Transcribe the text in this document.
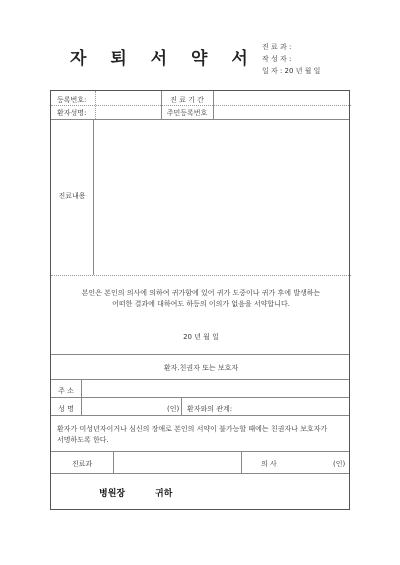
자 퇴 서 약 서
진 료 과 :
작 성 자 :
일 자 : 20 년 월 일
등록번호:	진 료 기 간
환자성명:	주민등록번호
진료내용
본인은 본인의 의사에 의하여 귀가함에 있어 귀가 도중이나 귀가 후에 발생하는
어떠한 결과에 대하여도 하등의 이의가 없음을 서약합니다.
20 년 월 일
환자.친권자 또는 보호자
주 소
성 명	(인) 환자와의 관계:
환자가 미성년자이거나 심신의 장애로 본인의 서약이 불가능할 때에는 친권자나 보호자가
서명하도록 한다.
진료과	의 사	(인)
병원장	귀하
